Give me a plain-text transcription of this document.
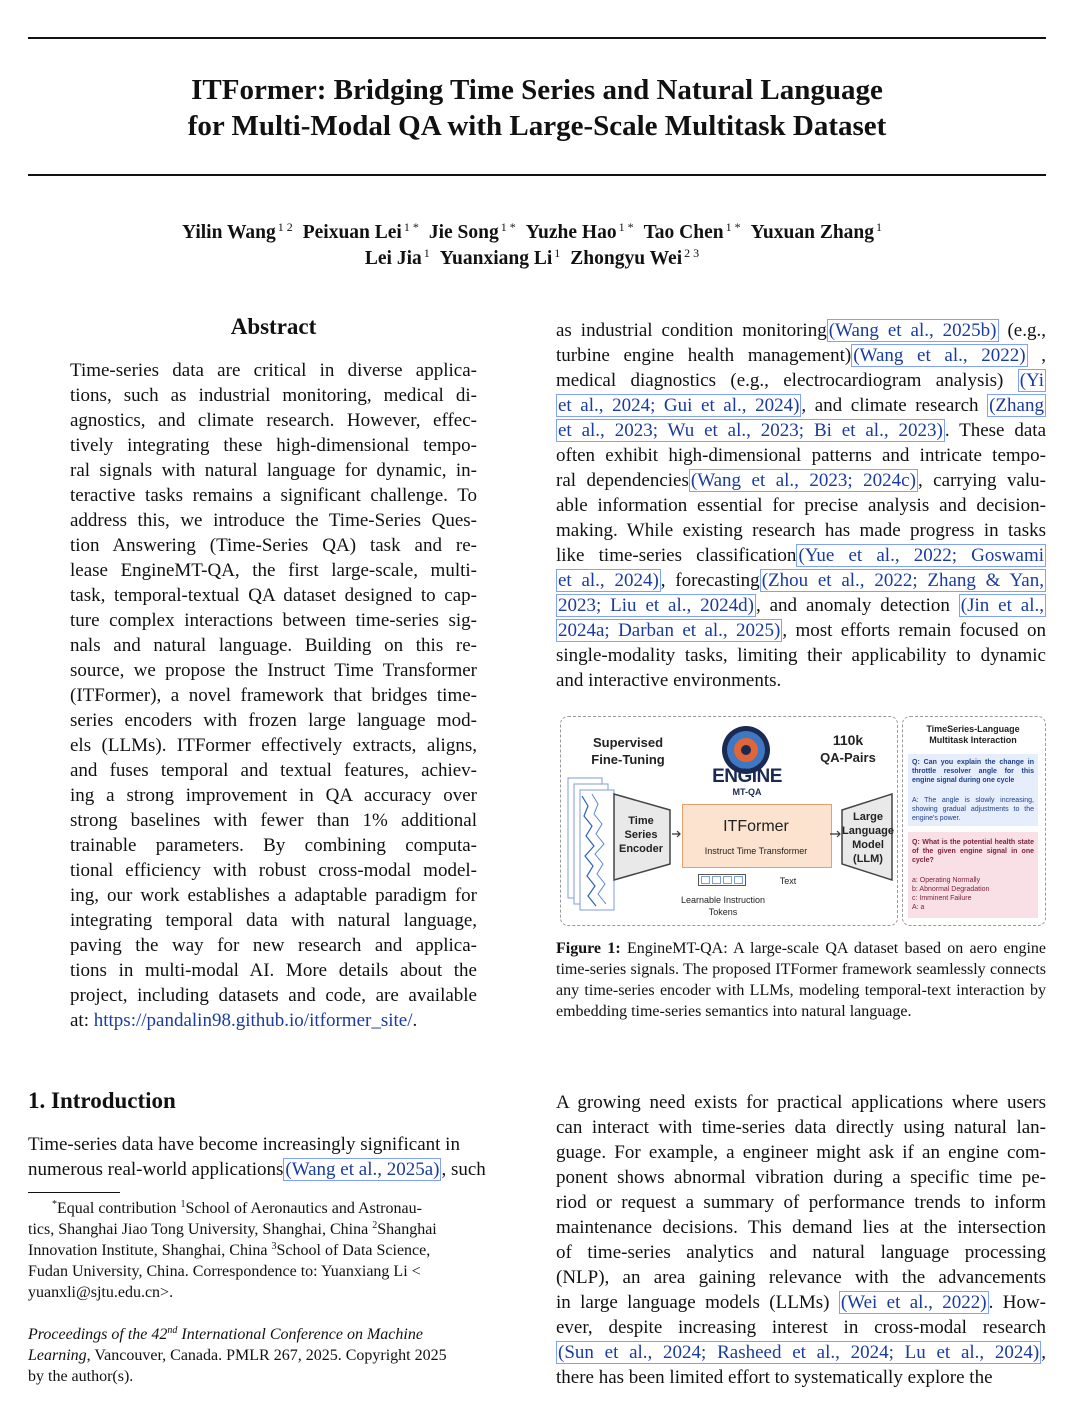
ITFormer: Bridging Time Series and Natural Language
for Multi-Modal QA with Large-Scale Multitask Dataset
Yilin Wang $^{1 2}$ Peixuan Lei $^{1 *}$ Jie Song $^{1 *}$ Yuzhe Hao $^{1 *}$ Tao Chen $^{1 *}$ Yuxuan Zhang $^1$
Lei Jia $^1$ Yuanxiang Li $^1$ Zhongyu Wei $^{2 3}$
Abstract
Time-series data are critical in diverse applica-
tions, such as industrial monitoring, medical di-
agnostics, and climate research. However, effec-
tively integrating these high-dimensional tempo-
ral signals with natural language for dynamic, in-
teractive tasks remains a significant challenge. To
address this, we introduce the Time-Series Ques-
tion Answering (Time-Series QA) task and re-
lease EngineMT-QA, the first large-scale, multi-
task, temporal-textual QA dataset designed to cap-
ture complex interactions between time-series sig-
nals and natural language. Building on this re-
source, we propose the Instruct Time Transformer
(ITFormer), a novel framework that bridges time-
series encoders with frozen large language mod-
els (LLMs). ITFormer effectively extracts, aligns,
and fuses temporal and textual features, achiev-
ing a strong improvement in QA accuracy over
strong baselines with fewer than 1% additional
trainable parameters. By combining computa-
tional efficiency with robust cross-modal model-
ing, our work establishes a adaptable paradigm for
integrating temporal data with natural language,
paving the way for new research and applica-
tions in multi-modal AI. More details about the
project, including datasets and code, are available
at: https://pandalin98.github.io/itformer_site/.
1. Introduction
Time-series data have become increasingly significant in
numerous real-world applications (Wang et al., 2025a) , such
*Equal contribution $^1$School of Aeronautics and Astronau-
tics, Shanghai Jiao Tong University, Shanghai, China $^2$Shanghai
Innovation Institute, Shanghai, China $^3$School of Data Science,
Fudan University, China. Correspondence to: Yuanxiang Li <
yuanxli@sjtu.edu.cn>.
Proceedings of the 42nd International Conference on Machine
Learning, Vancouver, Canada. PMLR 267, 2025. Copyright 2025
by the author(s).
as industrial condition monitoring (Wang et al., 2025b) (e.g.,
turbine engine health management) (Wang et al., 2022) ,
medical diagnostics (e.g., electrocardiogram analysis) (Yi
et al., 2024; Gui et al., 2024) , and climate research (Zhang
et al., 2023; Wu et al., 2023; Bi et al., 2023) . These data
often exhibit high-dimensional patterns and intricate tempo-
ral dependencies (Wang et al., 2023; 2024c) , carrying valu-
able information essential for precise analysis and decision-
making. While existing research has made progress in tasks
like time-series classification (Yue et al., 2022; Goswami
et al., 2024) , forecasting (Zhou et al., 2022; Zhang & Yan,
2023; Liu et al., 2024d) , and anomaly detection (Jin et al.,
2024a; Darban et al., 2025) , most efforts remain focused on
single-modality tasks, limiting their applicability to dynamic
and interactive environments.
Supervised Fine-Tuning
ENGINE
MT-QA
110k
QA-Pairs
Time Series Encoder
ITFormer
Instruct Time Transformer
Large Language Model (LLM)
Learnable Instruction Tokens
Text
TimeSeries-Language Multitask Interaction
Q: Can you explain the change in throttle resolver angle for this engine signal during one cycle
A: The angle is slowly increasing, showing gradual adjustments to the engine's power.
Q: What is the potential health state of the given engine signal in one cycle?
a: Operating Normally
b: Abnormal Degradation
c: Imminent Failure
A: a
Figure 1: EngineMT-QA: A large-scale QA dataset based on aero engine time-series signals. The proposed ITFormer framework seamlessly connects any time-series encoder with LLMs, modeling temporal-text interaction by embedding time-series semantics into natural language.
A growing need exists for practical applications where users
can interact with time-series data directly using natural lan-
guage. For example, a engineer might ask if an engine com-
ponent shows abnormal vibration during a specific time pe-
riod or request a summary of performance trends to inform
maintenance decisions. This demand lies at the intersection
of time-series analytics and natural language processing
(NLP), an area gaining relevance with the advancements
in large language models (LLMs) (Wei et al., 2022) . How-
ever, despite increasing interest in cross-modal research
(Sun et al., 2024; Rasheed et al., 2024; Lu et al., 2024) ,
there has been limited effort to systematically explore the
